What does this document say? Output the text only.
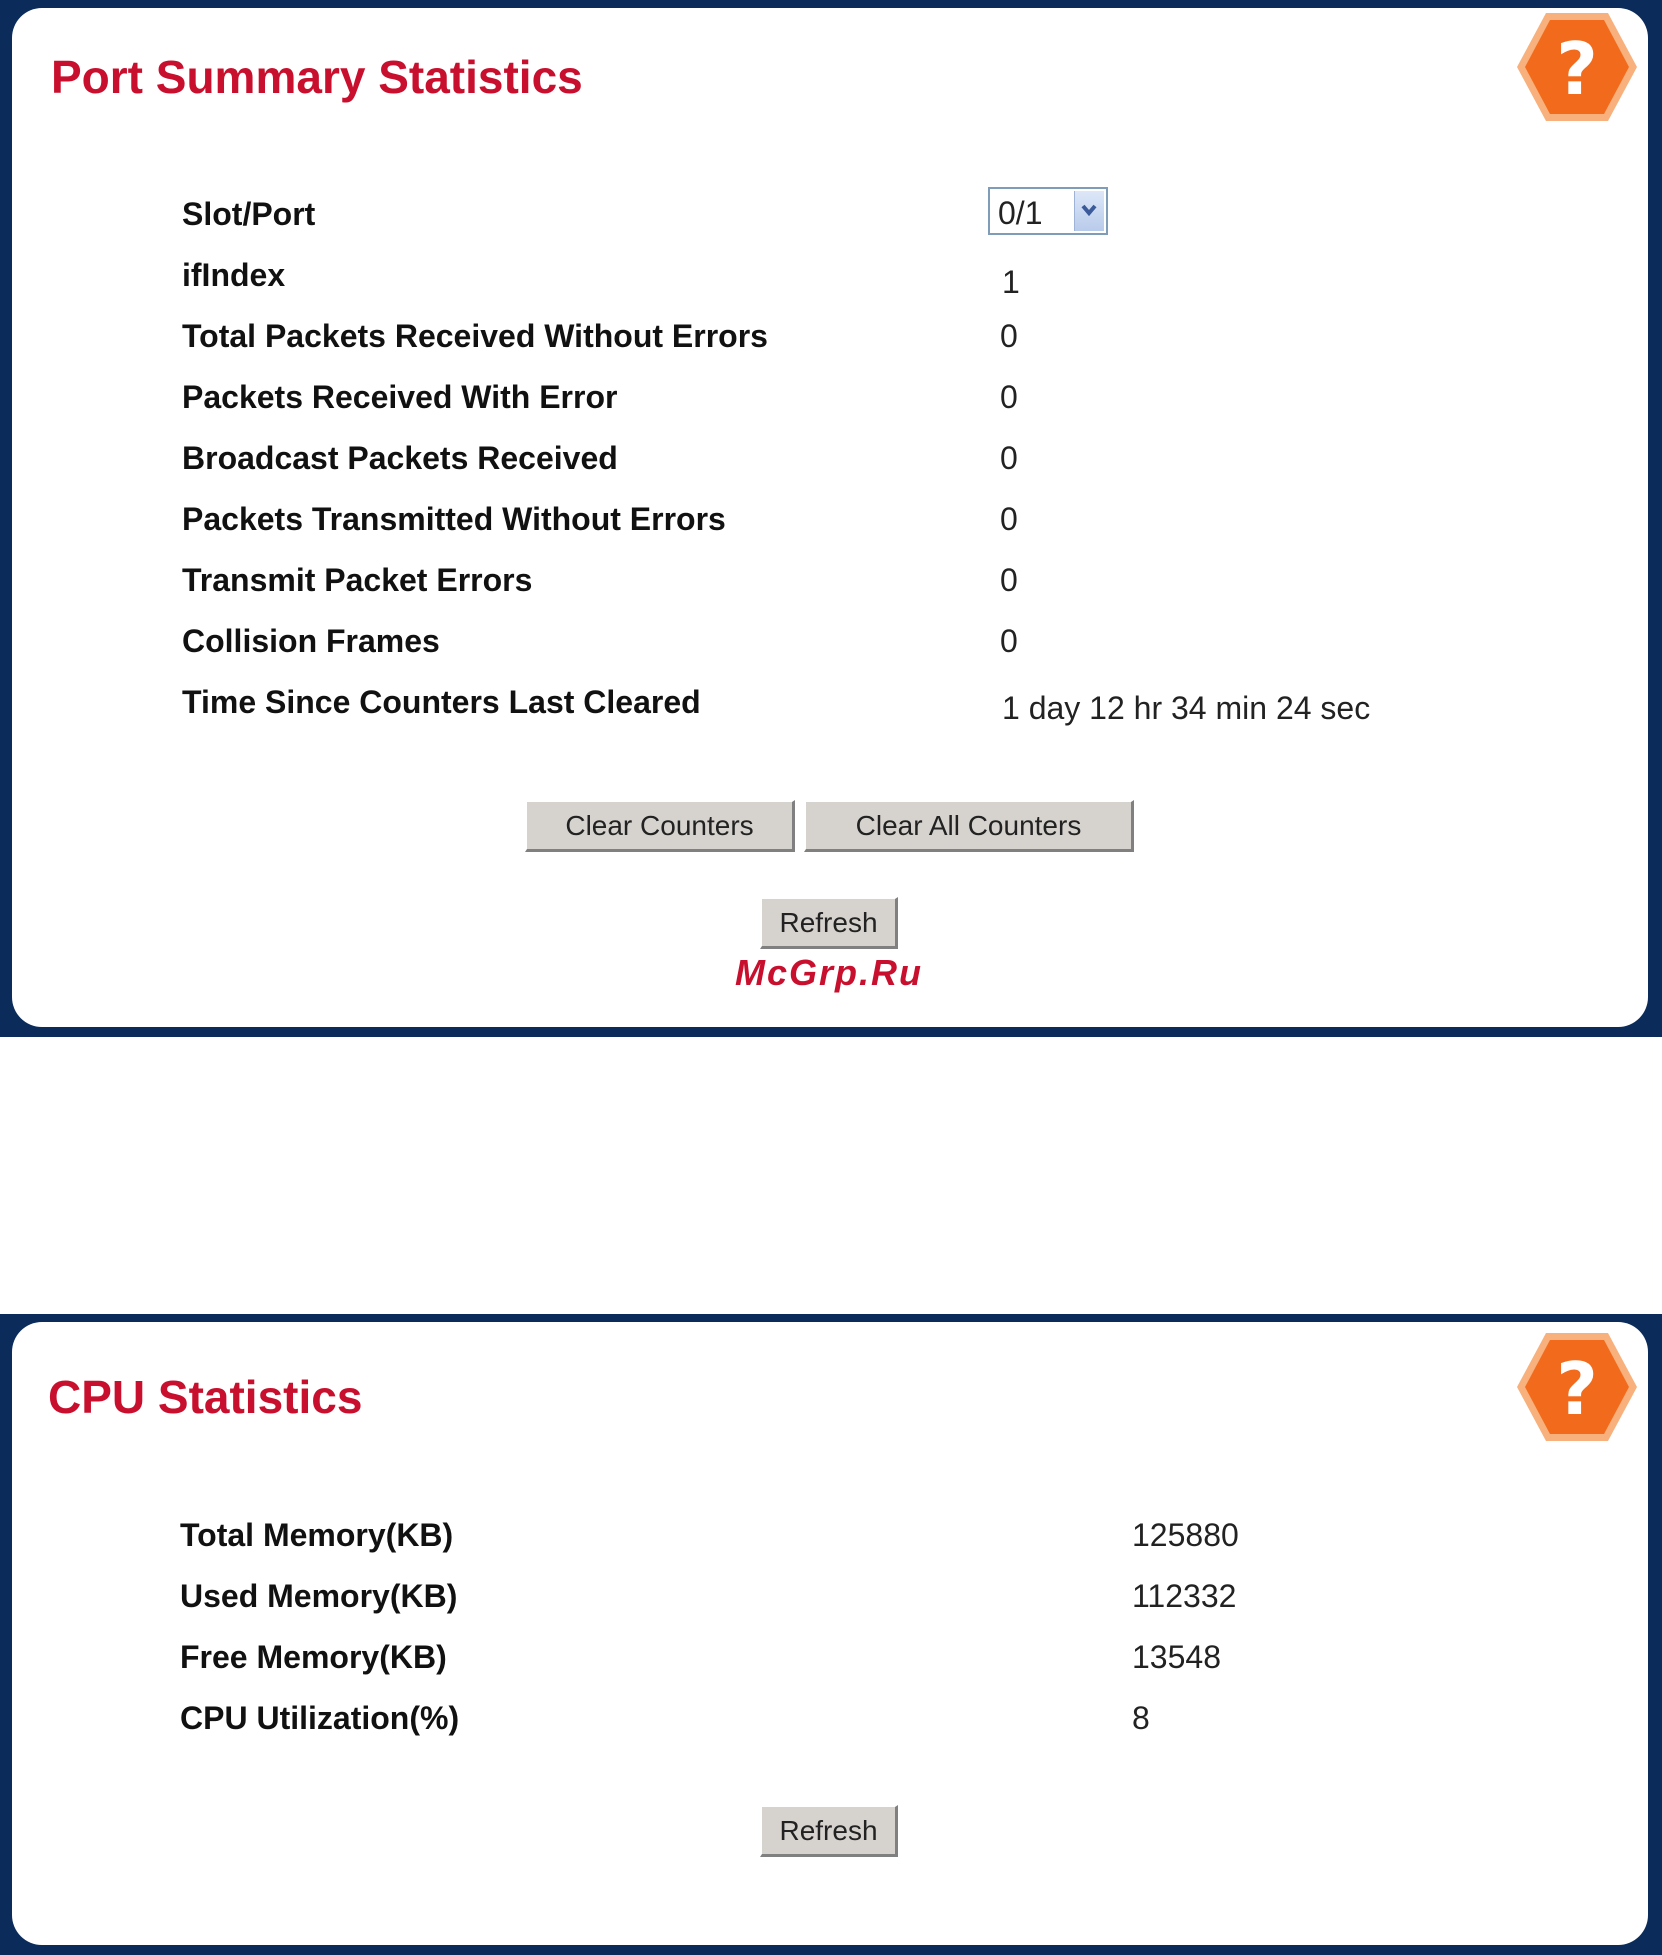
Port Summary Statistics	?
Slot/Port	0/1
ifIndex	1
Total Packets Received Without Errors	0
Packets Received With Error	0
Broadcast Packets Received	0
Packets Transmitted Without Errors	0
Transmit Packet Errors	0
Collision Frames	0
Time Since Counters Last Cleared	1 day 12 hr 34 min 24 sec
Clear Counters	Clear All Counters
Refresh
McGrp.Ru
CPU Statistics	?
Total Memory(KB)	125880
Used Memory(KB)	112332
Free Memory(KB)	13548
CPU Utilization(%)	8
Refresh
